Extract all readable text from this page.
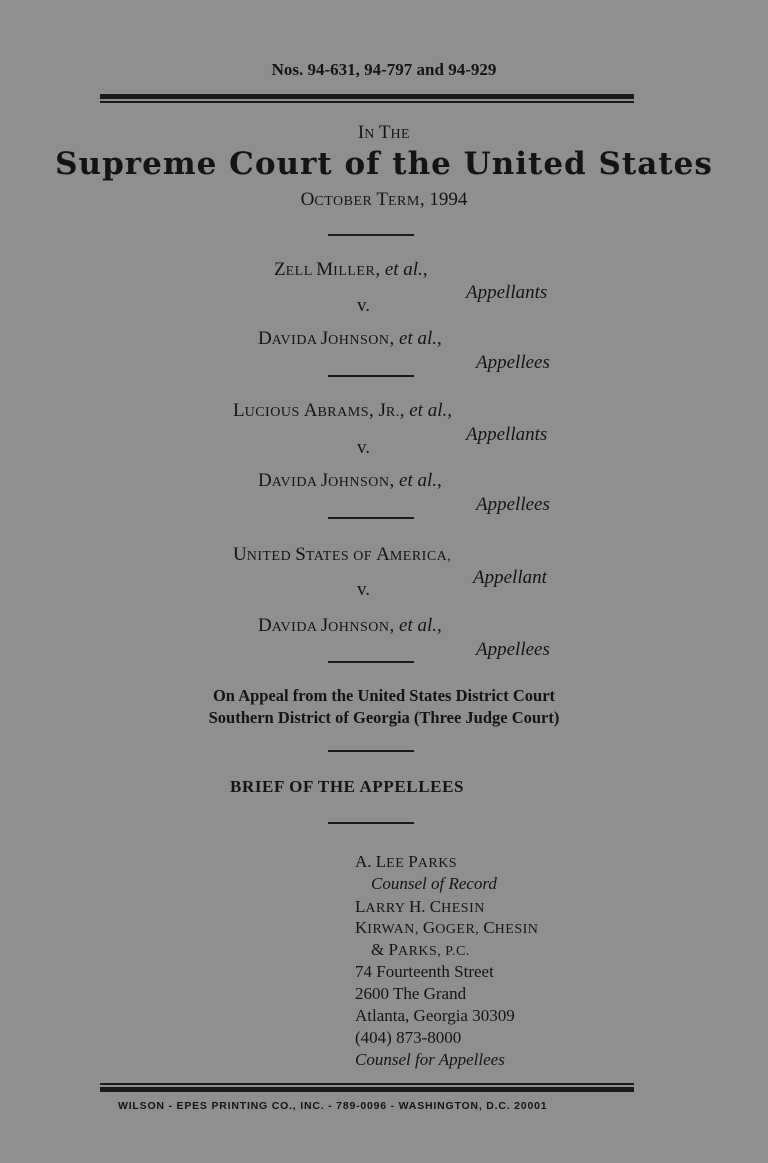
Nos. 94-631, 94-797 and 94-929
IN THE
Supreme Court of the United States
OCTOBER TERM, 1994
ZELL MILLER, et al.,
Appellants
v.
DAVIDA JOHNSON, et al.,
Appellees
LUCIOUS ABRAMS, JR., et al.,
Appellants
v.
DAVIDA JOHNSON, et al.,
Appellees
UNITED STATES OF AMERICA,
Appellant
v.
DAVIDA JOHNSON, et al.,
Appellees
On Appeal from the United States District Court
Southern District of Georgia (Three Judge Court)
BRIEF OF THE APPELLEES
A. LEE PARKS
Counsel of Record
LARRY H. CHESIN
KIRWAN, GOGER, CHESIN
& PARKS, P.C.
74 Fourteenth Street
2600 The Grand
Atlanta, Georgia 30309
(404) 873-8000
Counsel for Appellees
WILSON - EPES PRINTING CO., INC. - 789-0096 - WASHINGTON, D.C. 20001
